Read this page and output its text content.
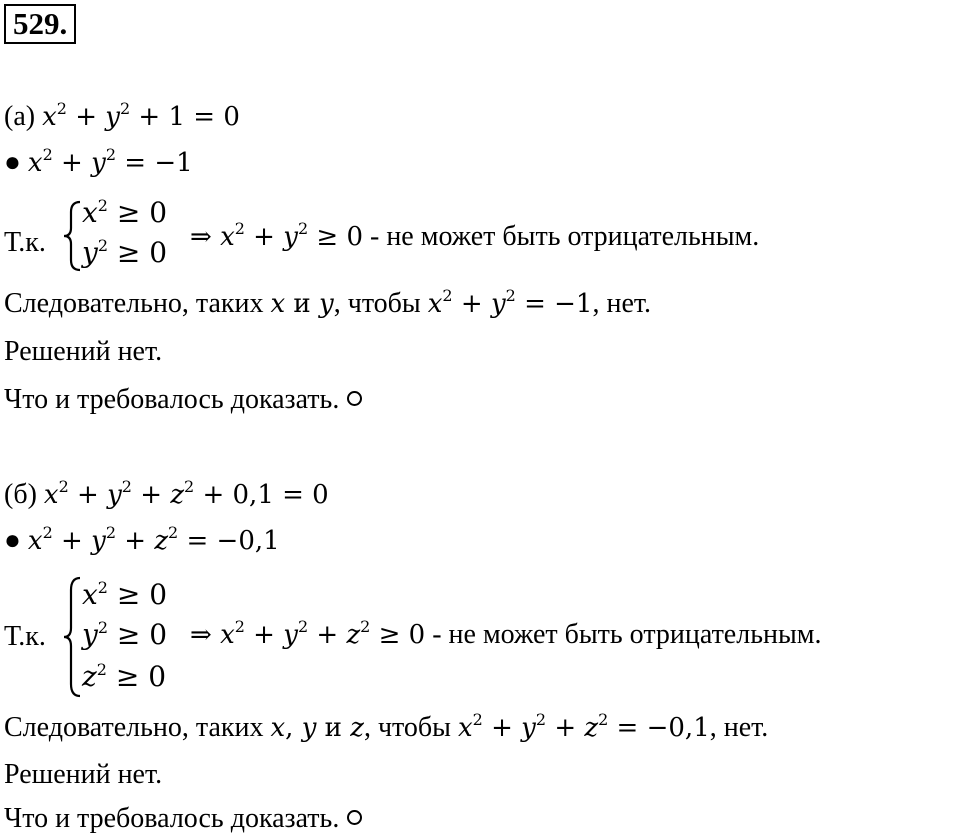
529.
(а) $x^2 + y^2 + 1 = 0$
● $x^2 + y^2 = -1$
Т.к.
$x^2 \ge 0$
$y^2 \ge 0$ ⇒ $x^2 + y^2 \ge 0$ - не может быть отрицательным.
Следовательно, таких x и y, чтобы $x^2 + y^2 = -1$, нет.
Решений нет.
Что и требовалось доказать.
(б) $x^2 + y^2 + z^2 + 0,1 = 0$
● $x^2 + y^2 + z^2 = -0,1$
Т.к.
$x^2 \ge 0$
$y^2 \ge 0$
$z^2 \ge 0$
⇒ $x^2 + y^2 + z^2 \ge 0$ - не может быть отрицательным.
Следовательно, таких x, y и z, чтобы $x^2 + y^2 + z^2 = -0,1$, нет.
Решений нет.
Что и требовалось доказать.
